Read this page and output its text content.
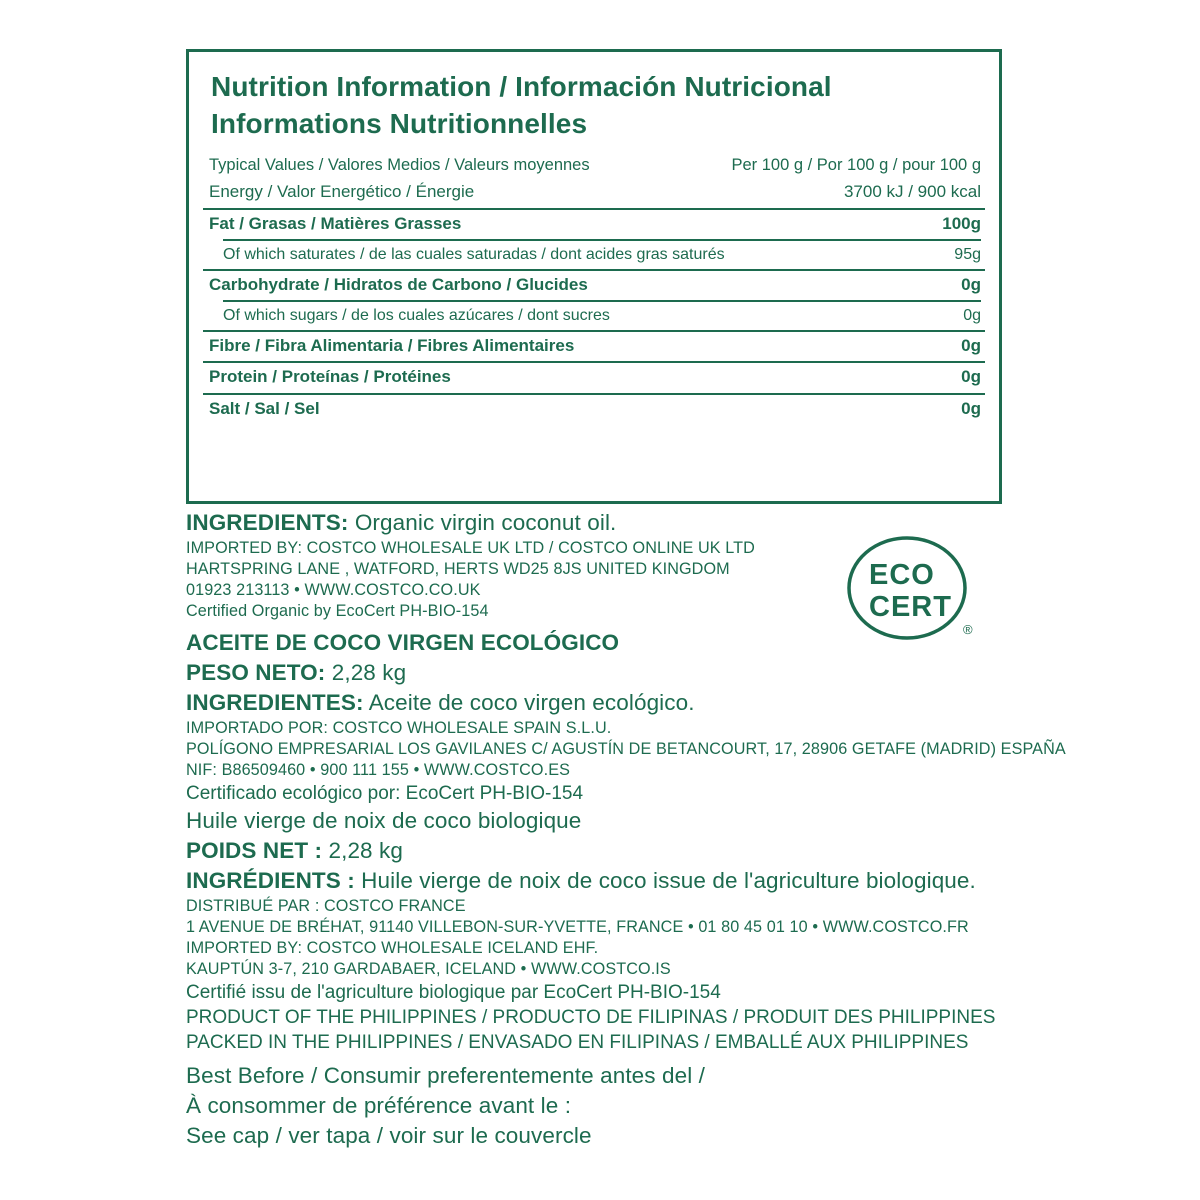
Nutrition Information / Información Nutricional
Informations Nutritionnelles
Typical Values / Valores Medios / Valeurs moyennes	Per 100 g / Por 100 g / pour 100 g
Energy / Valor Energético / Énergie	3700 kJ / 900 kcal
Fat / Grasas / Matières Grasses	100g
Of which saturates / de las cuales saturadas / dont acides gras saturés	95g
Carbohydrate / Hidratos de Carbono / Glucides	0g
Of which sugars / de los cuales azúcares / dont sucres	0g
Fibre / Fibra Alimentaria / Fibres Alimentaires	0g
Protein / Proteínas / Protéines	0g
Salt / Sal / Sel	0g
ECO
CERT
®
INGREDIENTS: Organic virgin coconut oil.
IMPORTED BY: COSTCO WHOLESALE UK LTD / COSTCO ONLINE UK LTD
HARTSPRING LANE , WATFORD, HERTS WD25 8JS UNITED KINGDOM
01923 213113 • WWW.COSTCO.CO.UK
Certified Organic by EcoCert PH-BIO-154
ACEITE DE COCO VIRGEN ECOLÓGICO
PESO NETO: 2,28 kg
INGREDIENTES: Aceite de coco virgen ecológico.
IMPORTADO POR: COSTCO WHOLESALE SPAIN S.L.U.
POLÍGONO EMPRESARIAL LOS GAVILANES C/ AGUSTÍN DE BETANCOURT, 17, 28906 GETAFE (MADRID) ESPAÑA
NIF: B86509460 • 900 111 155 • WWW.COSTCO.ES
Certificado ecológico por: EcoCert PH-BIO-154
Huile vierge de noix de coco biologique
POIDS NET : 2,28 kg
INGRÉDIENTS : Huile vierge de noix de coco issue de l'agriculture biologique.
DISTRIBUÉ PAR : COSTCO FRANCE
1 AVENUE DE BRÉHAT, 91140 VILLEBON-SUR-YVETTE, FRANCE • 01 80 45 01 10 • WWW.COSTCO.FR
IMPORTED BY: COSTCO WHOLESALE ICELAND EHF.
KAUPTÚN 3-7, 210 GARDABAER, ICELAND • WWW.COSTCO.IS
Certifié issu de l'agriculture biologique par EcoCert PH-BIO-154
PRODUCT OF THE PHILIPPINES / PRODUCTO DE FILIPINAS / PRODUIT DES PHILIPPINES
PACKED IN THE PHILIPPINES / ENVASADO EN FILIPINAS / EMBALLÉ AUX PHILIPPINES
Best Before / Consumir preferentemente antes del /
À consommer de préférence avant le :
See cap / ver tapa / voir sur le couvercle
